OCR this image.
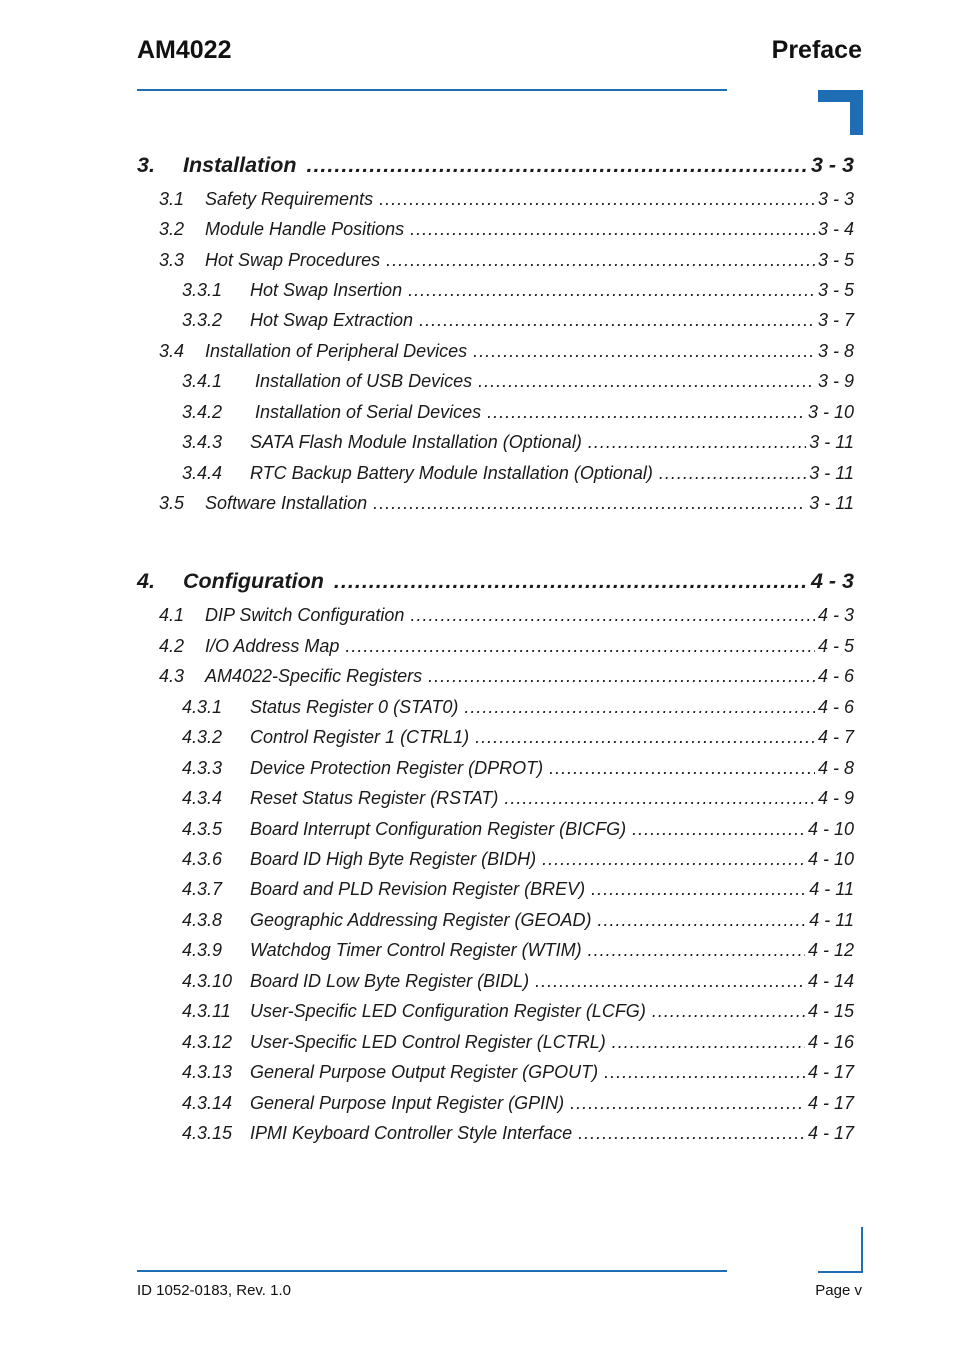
AM4022	Preface
3.	Installation .....	3 - 3
3.1	Safety Requirements .....	3 - 3
3.2	Module Handle Positions .....	3 - 4
3.3	Hot Swap Procedures .....	3 - 5
3.3.1	Hot Swap Insertion .....	3 - 5
3.3.2	Hot Swap Extraction .....	3 - 7
3.4	Installation of Peripheral Devices .....	3 - 8
3.4.1	Installation of USB Devices .....	3 - 9
3.4.2	Installation of Serial Devices .....	3 - 10
3.4.3	SATA Flash Module Installation (Optional) .....	3 - 11
3.4.4	RTC Backup Battery Module Installation (Optional) .....	3 - 11
3.5	Software Installation .....	3 - 11
4.	Configuration .....	4 - 3
4.1	DIP Switch Configuration .....	4 - 3
4.2	I/O Address Map .....	4 - 5
4.3	AM4022-Specific Registers .....	4 - 6
4.3.1	Status Register 0 (STAT0) .....	4 - 6
4.3.2	Control Register 1 (CTRL1) .....	4 - 7
4.3.3	Device Protection Register (DPROT) .....	4 - 8
4.3.4	Reset Status Register (RSTAT) .....	4 - 9
4.3.5	Board Interrupt Configuration Register (BICFG) .....	4 - 10
4.3.6	Board ID High Byte Register (BIDH) .....	4 - 10
4.3.7	Board and PLD Revision Register (BREV) .....	4 - 11
4.3.8	Geographic Addressing Register (GEOAD) .....	4 - 11
4.3.9	Watchdog Timer Control Register (WTIM) .....	4 - 12
4.3.10 Board ID Low Byte Register (BIDL) .....	4 - 14
4.3.11	User-Specific LED Configuration Register (LCFG) .....	4 - 15
4.3.12 User-Specific LED Control Register (LCTRL) .....	4 - 16
4.3.13 General Purpose Output Register (GPOUT) .....	4 - 17
4.3.14 General Purpose Input Register (GPIN) .....	4 - 17
4.3.15 IPMI Keyboard Controller Style Interface .....	4 - 17
ID 1052-0183, Rev. 1.0	Page v
